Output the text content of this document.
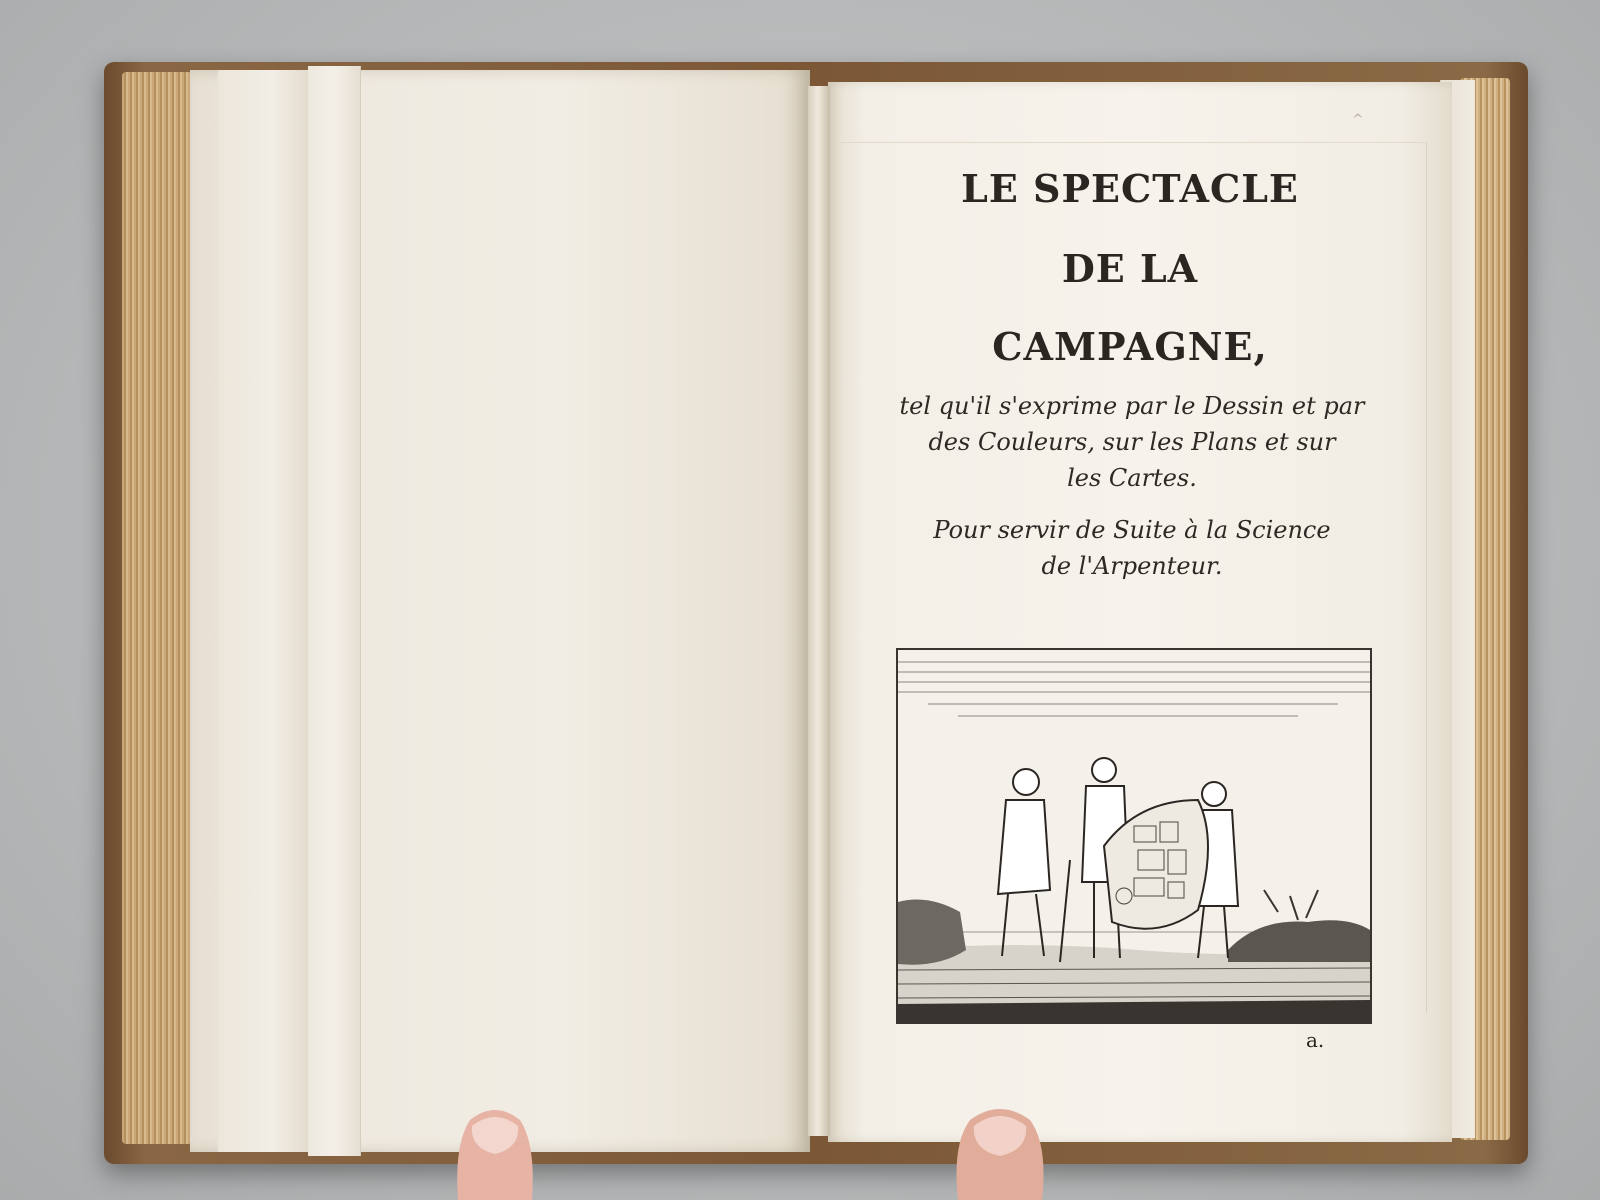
^
LE SPECTACLE
DE LA
CAMPAGNE,
tel qu'il s'exprime par le Dessin et par
des Couleurs, sur les Plans et sur
les Cartes.
Pour servir de Suite à la Science
de l'Arpenteur.
a.
